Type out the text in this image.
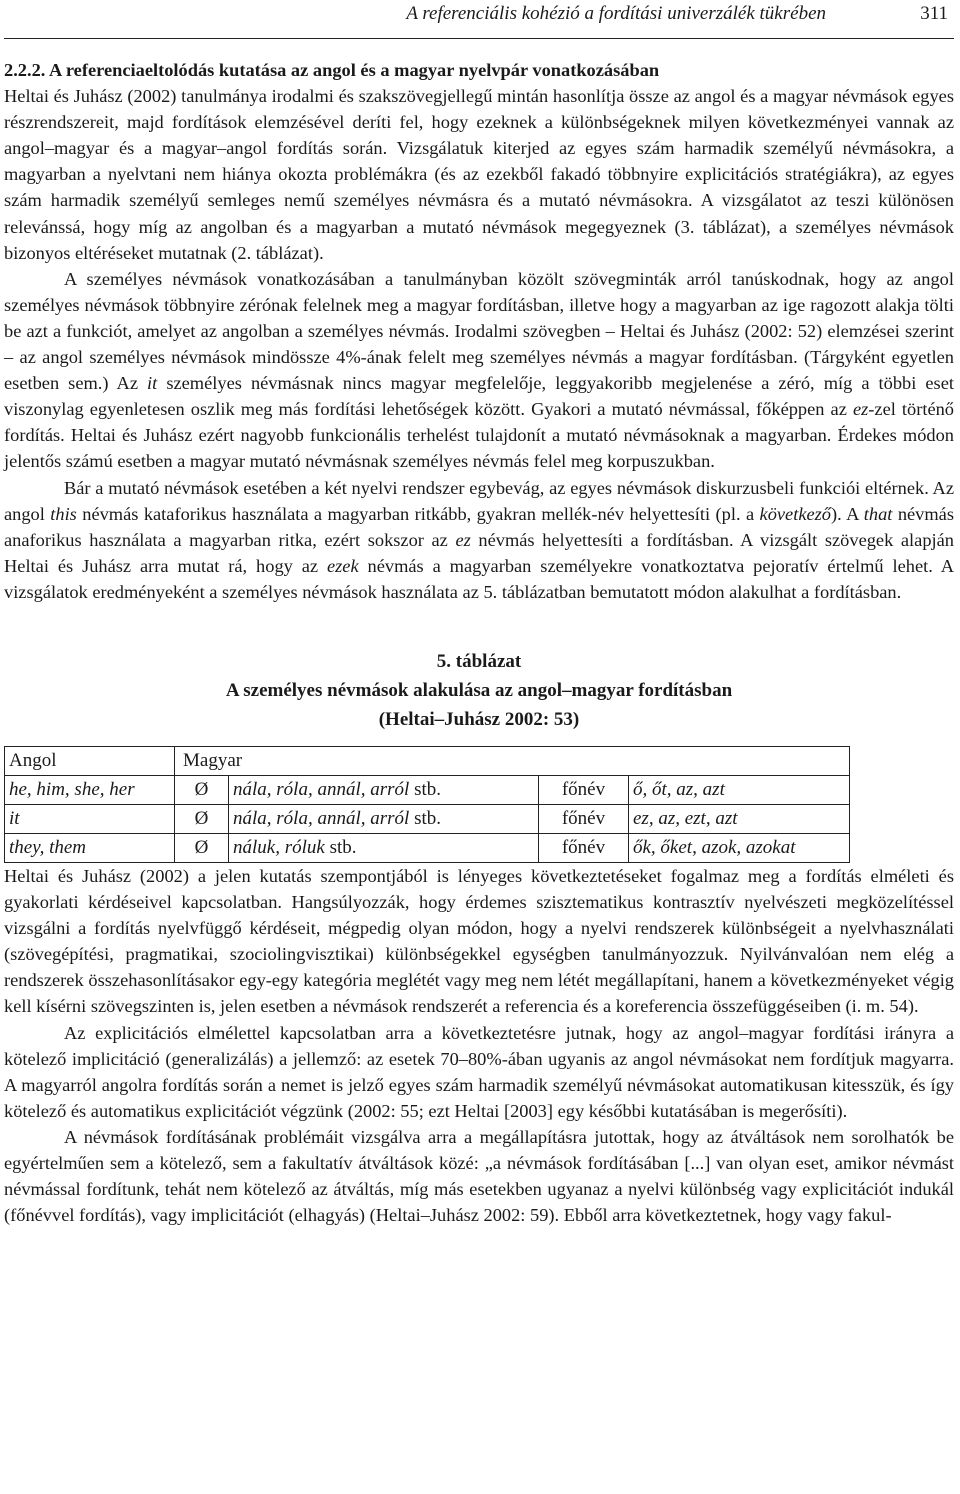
A referenciális kohézió a fordítási univerzálék tükrében	311
2.2.2. A referenciaeltolódás kutatása az angol és a magyar nyelvpár vonatkozásában

Heltai és Juhász (2002) tanulmánya irodalmi és szakszövegjellegű mintán hasonlítja össze az angol és a magyar névmások egyes részrendszereit, majd fordítások elemzésével deríti fel, hogy ezeknek a különbségeknek milyen következményei vannak az angol–magyar és a magyar–angol fordítás során. Vizsgálatuk kiterjed az egyes szám harmadik személyű névmásokra, a magyarban a nyelvtani nem hiánya okozta problémákra (és az ezekből fakadó többnyire explicitációs stratégiákra), az egyes szám harmadik személyű semleges nemű személyes névmásra és a mutató névmásokra. A vizsgálatot az teszi különösen relevánssá, hogy míg az angolban és a magyarban a mutató névmások megegyeznek (3. táblázat), a személyes névmások bizonyos eltéréseket mutatnak (2. táblázat).

A személyes névmások vonatkozásában a tanulmányban közölt szövegminták arról tanúskodnak, hogy az angol személyes névmások többnyire zérónak felelnek meg a magyar fordításban, illetve hogy a magyarban az ige ragozott alakja tölti be azt a funkciót, amelyet az angolban a személyes névmás. Irodalmi szövegben – Heltai és Juhász (2002: 52) elemzései szerint – az angol személyes névmások mindössze 4%-ának felelt meg személyes névmás a magyar fordításban. (Tárgyként egyetlen esetben sem.) Az it személyes névmásnak nincs magyar megfelelője, leggyakoribb megjelenése a zéró, míg a többi eset viszonylag egyenletesen oszlik meg más fordítási lehetőségek között. Gyakori a mutató névmással, főképpen az ez-zel történő fordítás. Heltai és Juhász ezért nagyobb funkcionális terhelést tulajdonít a mutató névmásoknak a magyarban. Érdekes módon jelentős számú esetben a magyar mutató névmásnak személyes névmás felel meg korpuszukban.

Bár a mutató névmások esetében a két nyelvi rendszer egybevág, az egyes névmások diskurzusbeli funkciói eltérnek. Az angol this névmás kataforikus használata a magyarban ritkább, gyakran mellék-név helyettesíti (pl. a következő). A that névmás anaforikus használata a magyarban ritka, ezért sokszor az ez névmás helyettesíti a fordításban. A vizsgált szövegek alapján Heltai és Juhász arra mutat rá, hogy az ezek névmás a magyarban személyekre vonatkoztatva pejoratív értelmű lehet. A vizsgálatok eredményeként a személyes névmások használata az 5. táblázatban bemutatott módon alakulhat a fordításban.

5. táblázat
A személyes névmások alakulása az angol–magyar fordításban
(Heltai–Juhász 2002: 53)
Angol	Magyar			
he, him, she, her	Ø	nála, róla, annál, arról stb.	főnév	ő, őt, az, azt
it	Ø	nála, róla, annál, arról stb.	főnév	ez, az, ezt, azt
they, them	Ø	náluk, róluk stb.	főnév	ők, őket, azok, azokat

Heltai és Juhász (2002) a jelen kutatás szempontjából is lényeges következtetéseket fogalmaz meg a fordítás elméleti és gyakorlati kérdéseivel kapcsolatban. Hangsúlyozzák, hogy érdemes szisztematikus kontrasztív nyelvészeti megközelítéssel vizsgálni a fordítás nyelvfüggő kérdéseit, mégpedig olyan módon, hogy a nyelvi rendszerek különbségeit a nyelvhasználati (szövegépítési, pragmatikai, szociolingvisztikai) különbségekkel egységben tanulmányozzuk. Nyilvánvalóan nem elég a rendszerek összehasonlításakor egy-egy kategória meglétét vagy meg nem létét megállapítani, hanem a következményeket végig kell kísérni szövegszinten is, jelen esetben a névmások rendszerét a referencia és a koreferencia összefüggéseiben (i. m. 54).

Az explicitációs elmélettel kapcsolatban arra a következtetésre jutnak, hogy az angol–magyar fordítási irányra a kötelező implicitáció (generalizálás) a jellemző: az esetek 70–80%-ában ugyanis az angol névmásokat nem fordítjuk magyarra. A magyarról angolra fordítás során a nemet is jelző egyes szám harmadik személyű névmásokat automatikusan kitesszük, és így kötelező és automatikus explicitációt végzünk (2002: 55; ezt Heltai [2003] egy későbbi kutatásában is megerősíti).

A névmások fordításának problémáit vizsgálva arra a megállapításra jutottak, hogy az átváltások nem sorolhatók be egyértelműen sem a kötelező, sem a fakultatív átváltások közé: „a névmások fordításában [...] van olyan eset, amikor névmást névmással fordítunk, tehát nem kötelező az átváltás, míg más esetekben ugyanaz a nyelvi különbség vagy explicitációt indukál (főnévvel fordítás), vagy implicitációt (elhagyás) (Heltai–Juhász 2002: 59). Ebből arra következtetnek, hogy vagy fakul-
